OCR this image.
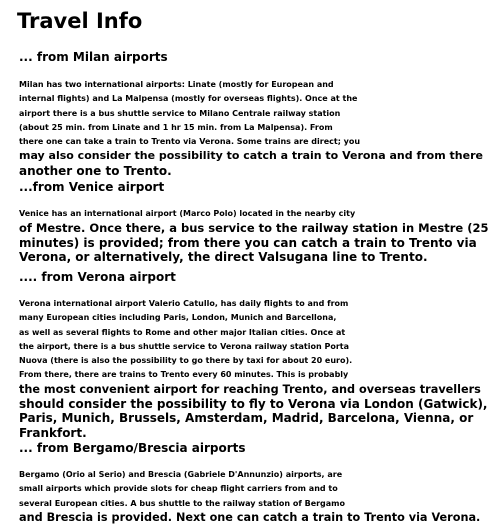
Travel Info
... from Milan airports
Milan has two international airports: Linate (mostly for European and
internal flights) and La Malpensa (mostly for overseas flights). Once at the
airport there is a bus shuttle service to Milano Centrale railway station
(about 25 min. from Linate and 1 hr 15 min. from La Malpensa). From
there one can take a train to Trento via Verona. Some trains are direct; you
may also consider the possibility to catch a train to Verona and from there
another one to Trento.
...from Venice airport
Venice has an international airport (Marco Polo) located in the nearby city
of Mestre. Once there, a bus service to the railway station in Mestre (25
minutes) is provided; from there you can catch a train to Trento via
Verona, or alternatively, the direct Valsugana line to Trento.
.... from Verona airport
Verona international airport Valerio Catullo, has daily flights to and from
many European cities including Paris, London, Munich and Barcellona,
as well as several flights to Rome and other major Italian cities. Once at
the airport, there is a bus shuttle service to Verona railway station Porta
Nuova (there is also the possibility to go there by taxi for about 20 euro).
From there, there are trains to Trento every 60 minutes. This is probably
the most convenient airport for reaching Trento, and overseas travellers
should consider the possibility to fly to Verona via London (Gatwick),
Paris, Munich, Brussels, Amsterdam, Madrid, Barcelona, Vienna, or
Frankfort.
... from Bergamo/Brescia airports
Bergamo (Orio al Serio) and Brescia (Gabriele D'Annunzio) airports, are
small airports which provide slots for cheap flight carriers from and to
several European cities. A bus shuttle to the railway station of Bergamo
and Brescia is provided. Next one can catch a train to Trento via Verona.
